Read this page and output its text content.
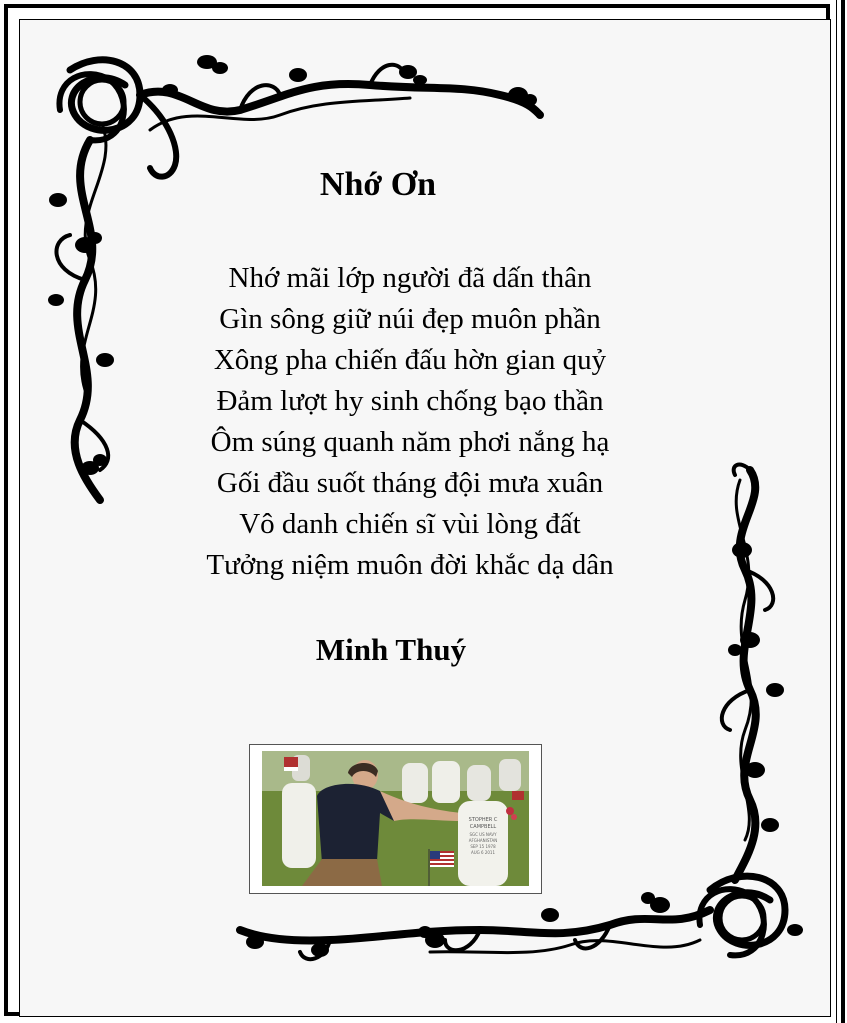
Nhớ Ơn
Nhớ mãi lớp người đã dấn thân
Gìn sông giữ núi đẹp muôn phần
Xông pha chiến đấu hờn gian quỷ
Đảm lượt hy sinh chống bạo thần
Ôm súng quanh năm phơi nắng hạ
Gối đầu suốt tháng đội mưa xuân
Vô danh chiến sĩ vùi lòng đất
Tưởng niệm muôn đời khắc dạ dân
Minh Thuý
STOPHER C
CAMPBELL
SGC US NAVY
AFGHANISTAN
SEP 15 1978
AUG 6 2011
